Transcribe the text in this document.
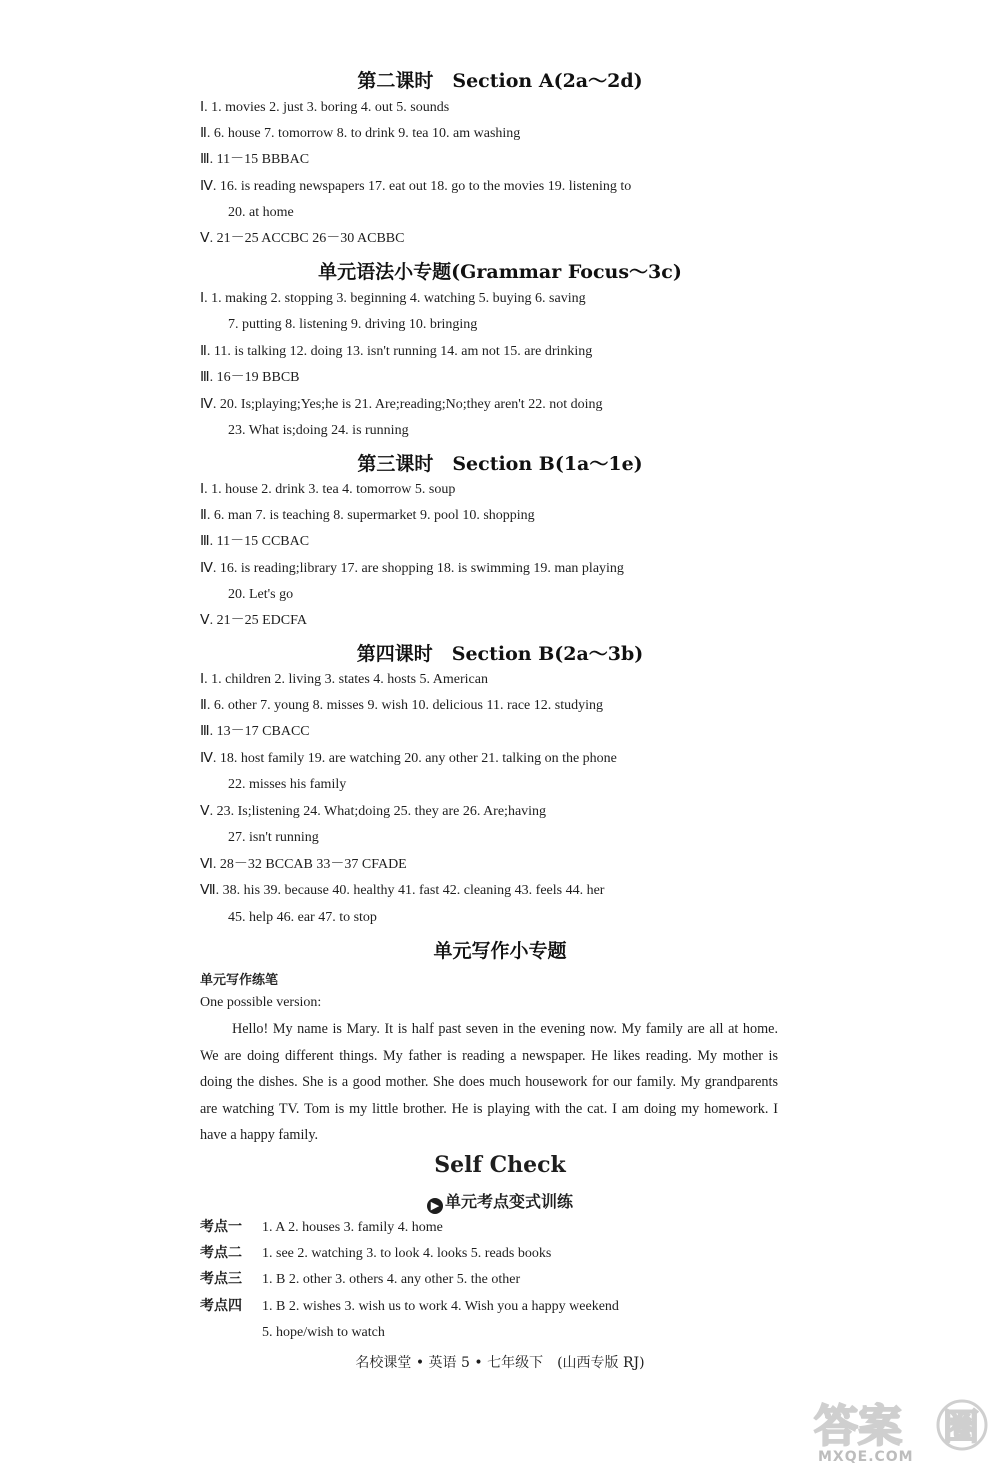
第二课时　Section A(2a～2d)
Ⅰ. 1. movies 2. just 3. boring 4. out 5. sounds
Ⅱ. 6. house 7. tomorrow 8. to drink 9. tea 10. am washing
Ⅲ. 11－15 BBBAC
Ⅳ. 16. is reading newspapers 17. eat out 18. go to the movies 19. listening to
20. at home
Ⅴ. 21－25 ACCBC 26－30 ACBBC
单元语法小专题(Grammar Focus～3c)
Ⅰ. 1. making 2. stopping 3. beginning 4. watching 5. buying 6. saving
7. putting 8. listening 9. driving 10. bringing
Ⅱ. 11. is talking 12. doing 13. isn't running 14. am not 15. are drinking
Ⅲ. 16－19 BBCB
Ⅳ. 20. Is;playing;Yes;he is 21. Are;reading;No;they aren't 22. not doing
23. What is;doing 24. is running
第三课时　Section B(1a～1e)
Ⅰ. 1. house 2. drink 3. tea 4. tomorrow 5. soup
Ⅱ. 6. man 7. is teaching 8. supermarket 9. pool 10. shopping
Ⅲ. 11－15 CCBAC
Ⅳ. 16. is reading;library 17. are shopping 18. is swimming 19. man playing
20. Let's go
Ⅴ. 21－25 EDCFA
第四课时　Section B(2a～3b)
Ⅰ. 1. children 2. living 3. states 4. hosts 5. American
Ⅱ. 6. other 7. young 8. misses 9. wish 10. delicious 11. race 12. studying
Ⅲ. 13－17 CBACC
Ⅳ. 18. host family 19. are watching 20. any other 21. talking on the phone
22. misses his family
Ⅴ. 23. Is;listening 24. What;doing 25. they are 26. Are;having
27. isn't running
Ⅵ. 28－32 BCCAB 33－37 CFADE
Ⅶ. 38. his 39. because 40. healthy 41. fast 42. cleaning 43. feels 44. her
45. help 46. ear 47. to stop
单元写作小专题
单元写作练笔
One possible version:
Hello! My name is Mary. It is half past seven in the evening now. My family are all at home. We are doing different things. My father is reading a newspaper. He likes reading. My mother is doing the dishes. She is a good mother. She does much housework for our family. My grandparents are watching TV. Tom is my little brother. He is playing with the cat. I am doing my homework. I have a happy family.
Self Check
▶ 单元考点变式训练
考点一 1. A 2. houses 3. family 4. home
考点二 1. see 2. watching 3. to look 4. looks 5. reads books
考点三 1. B 2. other 3. others 4. any other 5. the other
考点四 1. B 2. wishes 3. wish us to work 4. Wish you a happy weekend
5. hope/wish to watch
名校课堂 • 英语 5 • 七年级下　(山西专版 RJ)
答案 圈
MXQE.COM
